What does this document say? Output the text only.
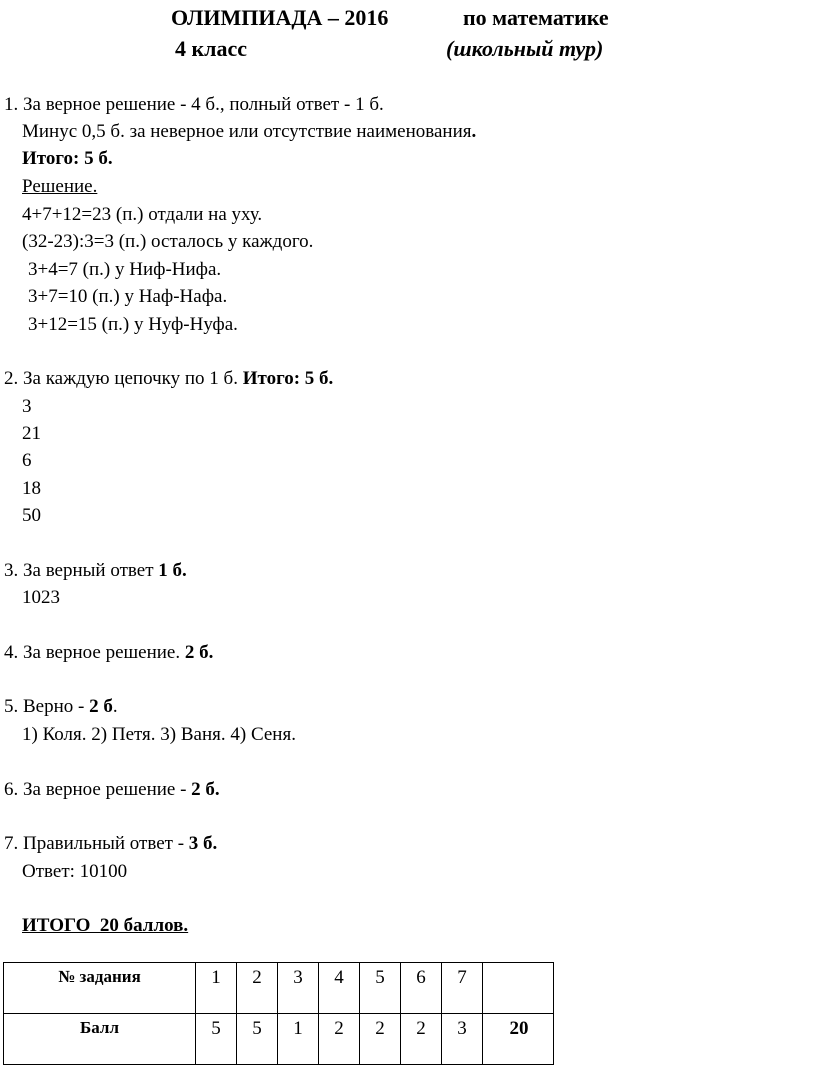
ОЛИМПИАДА – 2016	по математике
4 класс	(школьный тур)
1. За верное решение - 4 б., полный ответ - 1 б.
Минус 0,5 б. за неверное или отсутствие наименования.
Итого: 5 б.
Решение.
4+7+12=23 (п.) отдали на уху.
(32-23):3=3 (п.) осталось у каждого.
3+4=7 (п.) у Ниф-Нифа.
3+7=10 (п.) у Наф-Нафа.
3+12=15 (п.) у Нуф-Нуфа.
2. За каждую цепочку по 1 б. Итого: 5 б.
3
21
6
18
50
3. За верный ответ 1 б.
1023
4. За верное решение. 2 б.
5. Верно - 2 б.
1) Коля. 2) Петя. 3) Ваня. 4) Сеня.
6. За верное решение - 2 б.
7. Правильный ответ - 3 б.
Ответ: 10100
ИТОГО  20 баллов.
№ задания	1	2	3	4	5	6	7	
Балл	5	5	1	2	2	2	3	20
